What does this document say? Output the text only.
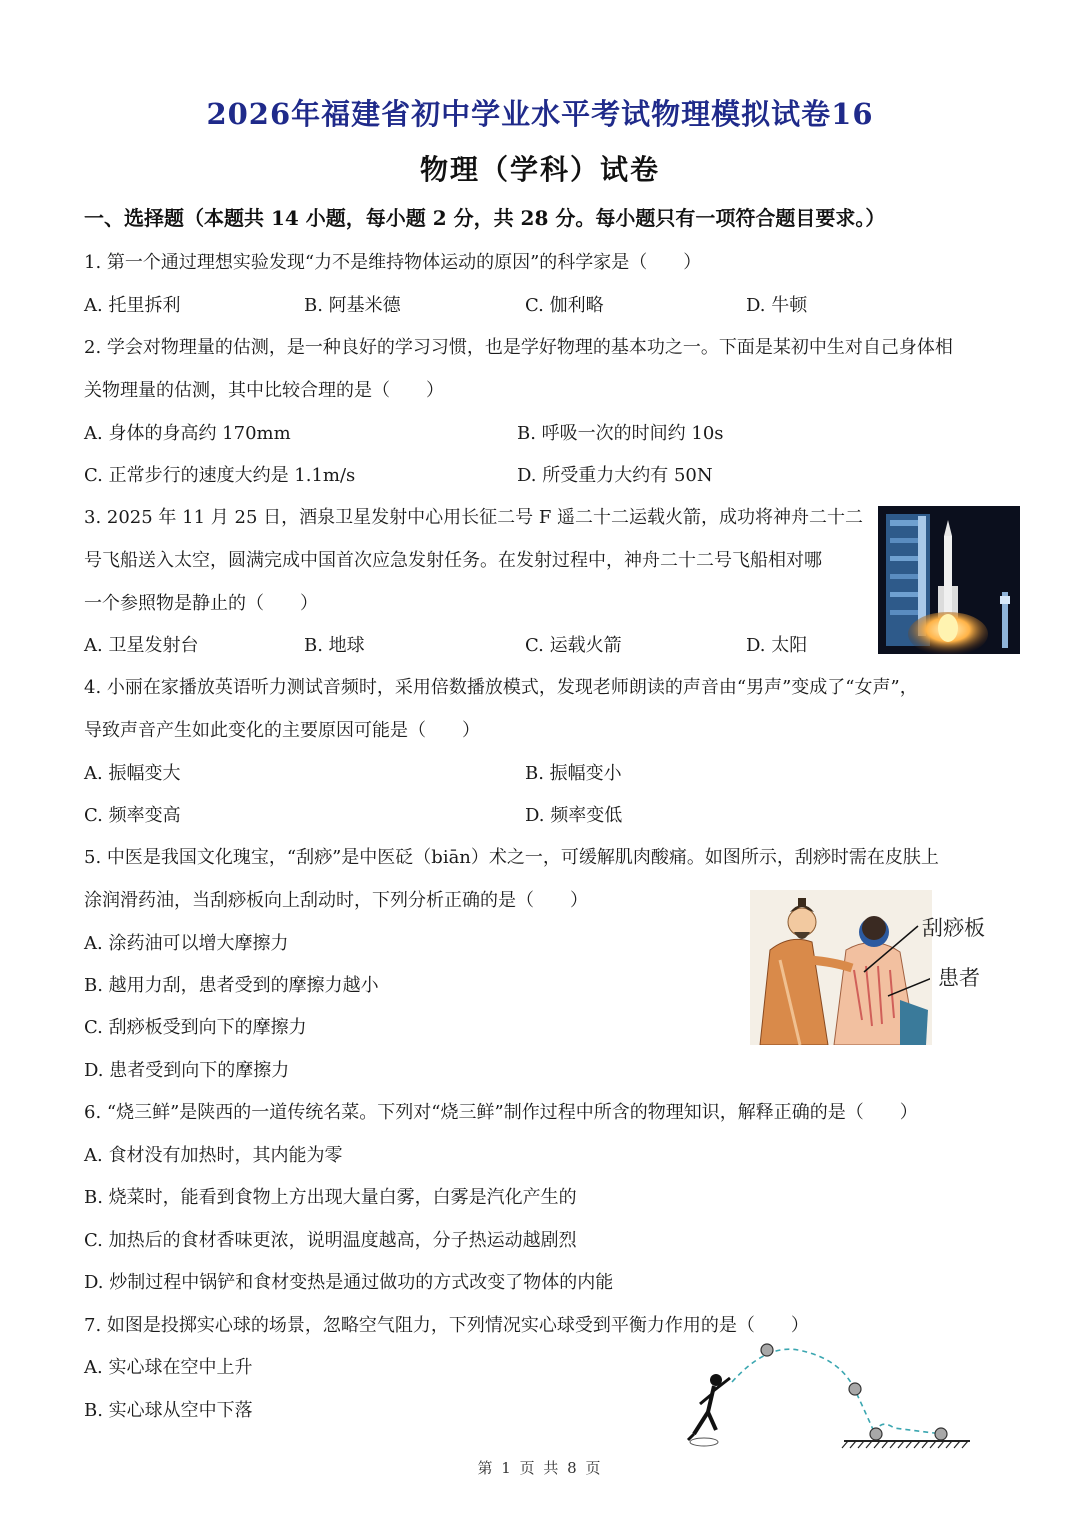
2026年福建省初中学业水平考试物理模拟试卷16
物理（学科）试卷
一、选择题（本题共 14 小题，每小题 2 分，共 28 分。每小题只有一项符合题目要求。）
1. 第一个通过理想实验发现“力不是维持物体运动的原因”的科学家是（　　）
A. 托里拆利	B. 阿基米德	C. 伽利略	D. 牛顿
2. 学会对物理量的估测，是一种良好的学习习惯，也是学好物理的基本功之一。下面是某初中生对自己身体相
关物理量的估测，其中比较合理的是（　　）
A. 身体的身高约 170mm	B. 呼吸一次的时间约 10s
C. 正常步行的速度大约是 1.1m/s	D. 所受重力大约有 50N
3. 2025 年 11 月 25 日，酒泉卫星发射中心用长征二号 F 遥二十二运载火箭，成功将神舟二十二
号飞船送入太空，圆满完成中国首次应急发射任务。在发射过程中，神舟二十二号飞船相对哪
一个参照物是静止的（　　）
A. 卫星发射台	B. 地球	C. 运载火箭	D. 太阳
4. 小丽在家播放英语听力测试音频时，采用倍数播放模式，发现老师朗读的声音由“男声”变成了“女声”，
导致声音产生如此变化的主要原因可能是（　　）
A. 振幅变大	B. 振幅变小
C. 频率变高	D. 频率变低
5. 中医是我国文化瑰宝，“刮痧”是中医砭（biān）术之一，可缓解肌肉酸痛。如图所示，刮痧时需在皮肤上
涂润滑药油，当刮痧板向上刮动时，下列分析正确的是（　　）
A. 涂药油可以增大摩擦力
B. 越用力刮，患者受到的摩擦力越小
C. 刮痧板受到向下的摩擦力
D. 患者受到向下的摩擦力
刮痧板
患者
6. “烧三鲜”是陕西的一道传统名菜。下列对“烧三鲜”制作过程中所含的物理知识，解释正确的是（　　）
A. 食材没有加热时，其内能为零
B. 烧菜时，能看到食物上方出现大量白雾，白雾是汽化产生的
C. 加热后的食材香味更浓，说明温度越高，分子热运动越剧烈
D. 炒制过程中锅铲和食材变热是通过做功的方式改变了物体的内能
7. 如图是投掷实心球的场景，忽略空气阻力，下列情况实心球受到平衡力作用的是（　　）
A. 实心球在空中上升
B. 实心球从空中下落
第 1 页 共 8 页
